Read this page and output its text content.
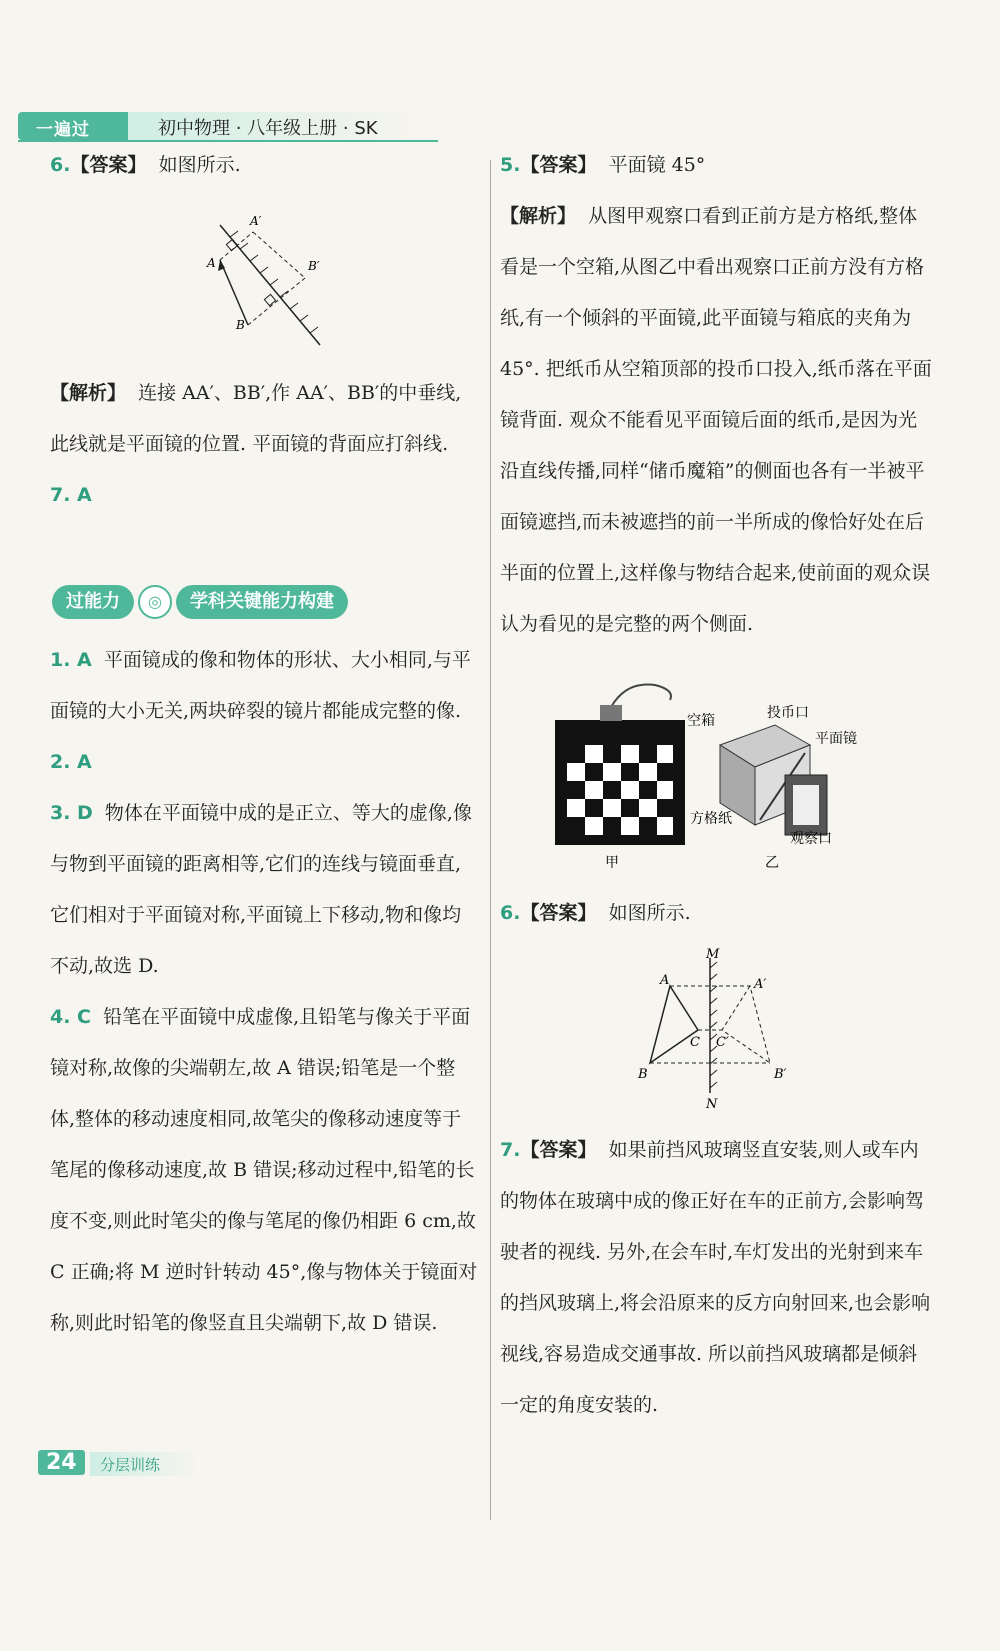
一遍过	初中物理 · 八年级上册 · SK

6.【答案】 如图所示.

A′
A	B′
B

【解析】 连接 AA′、BB′,作 AA′、BB′的中垂线,此线就是平面镜的位置. 平面镜的背面应打斜线.

7. A

过能力 ◎ 学科关键能力构建

1. A 平面镜成的像和物体的形状、大小相同,与平面镜的大小无关,两块碎裂的镜片都能成完整的像.

2. A

3. D 物体在平面镜中成的是正立、等大的虚像,像与物到平面镜的距离相等,它们的连线与镜面垂直,它们相对于平面镜对称,平面镜上下移动,物和像均不动,故选 D.

4. C 铅笔在平面镜中成虚像,且铅笔与像关于平面镜对称,故像的尖端朝左,故 A 错误;铅笔是一个整体,整体的移动速度相同,故笔尖的像移动速度等于笔尾的像移动速度,故 B 错误;移动过程中,铅笔的长度不变,则此时笔尖的像与笔尾的像仍相距 6 cm,故 C 正确;将 M 逆时针转动 45°,像与物体关于镜面对称,则此时铅笔的像竖直且尖端朝下,故 D 错误.

5.【答案】 平面镜 45°

【解析】 从图甲观察口看到正前方是方格纸,整体看是一个空箱,从图乙中看出观察口正前方没有方格纸,有一个倾斜的平面镜,此平面镜与箱底的夹角为45°. 把纸币从空箱顶部的投币口投入,纸币落在平面镜背面. 观众不能看见平面镜后面的纸币,是因为光沿直线传播,同样“储币魔箱”的侧面也各有一半被平面镜遮挡,而未被遮挡的前一半所成的像恰好处在后半面的位置上,这样像与物结合起来,使前面的观众误认为看见的是完整的两个侧面.

甲
空箱	投币口
平面镜
方格纸
观察口
乙

6.【答案】 如图所示.

M
N
A	A′
B	B′
C C′

7.【答案】 如果前挡风玻璃竖直安装,则人或车内的物体在玻璃中成的像正好在车的正前方,会影响驾驶者的视线. 另外,在会车时,车灯发出的光射到来车的挡风玻璃上,将会沿原来的反方向射回来,也会影响视线,容易造成交通事故. 所以前挡风玻璃都是倾斜一定的角度安装的.

24	分层训练
